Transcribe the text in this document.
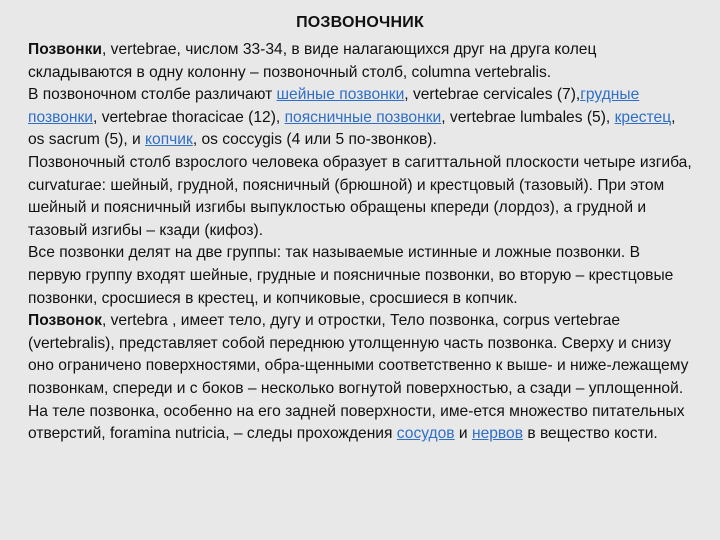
ПОЗВОНОЧНИК

Позвонки, vertebrae, числом 33-34, в виде налагающихся друг на друга колец складываются в одну колонну – позвоночный столб, columna vertebralis.

В позвоночном столбе различают шейные позвонки, vertebrae cervicales (7),грудные позвонки, vertebrae thoracicae (12), поясничные позвонки, vertebrae lumbales (5), крестец, os sacrum (5), и копчик, os coccygis (4 или 5 по-звонков).

Позвоночный столб взрослого человека образует в сагиттальной плоскости четыре изгиба, curvaturae: шейный, грудной, поясничный (брюшной) и крестцовый (тазовый). При этом шейный и поясничный изгибы выпуклостью обращены кпереди (лордоз), а грудной и тазовый изгибы – кзади (кифоз).

Все позвонки делят на две группы: так называемые истинные и ложные позвонки. В первую группу входят шейные, грудные и поясничные позвонки, во вторую – крестцовые позвонки, сросшиеся в крестец, и копчиковые, сросшиеся в копчик.

Позвонок, vertebra , имеет тело, дугу и отростки, Тело позвонка, corpus vertebrae (vertebralis), представляет собой переднюю утолщенную часть позвонка. Сверху и снизу оно ограничено поверхностями, обра-щенными соответственно к выше- и ниже-лежащему позвонкам, спереди и с боков – несколько вогнутой поверхностью, а сзади – уплощенной. На теле позвонка, особенно на его задней поверхности, име-ется множество питательных отверстий, foramina nutricia, – следы прохождения сосудов и нервов в вещество кости.
